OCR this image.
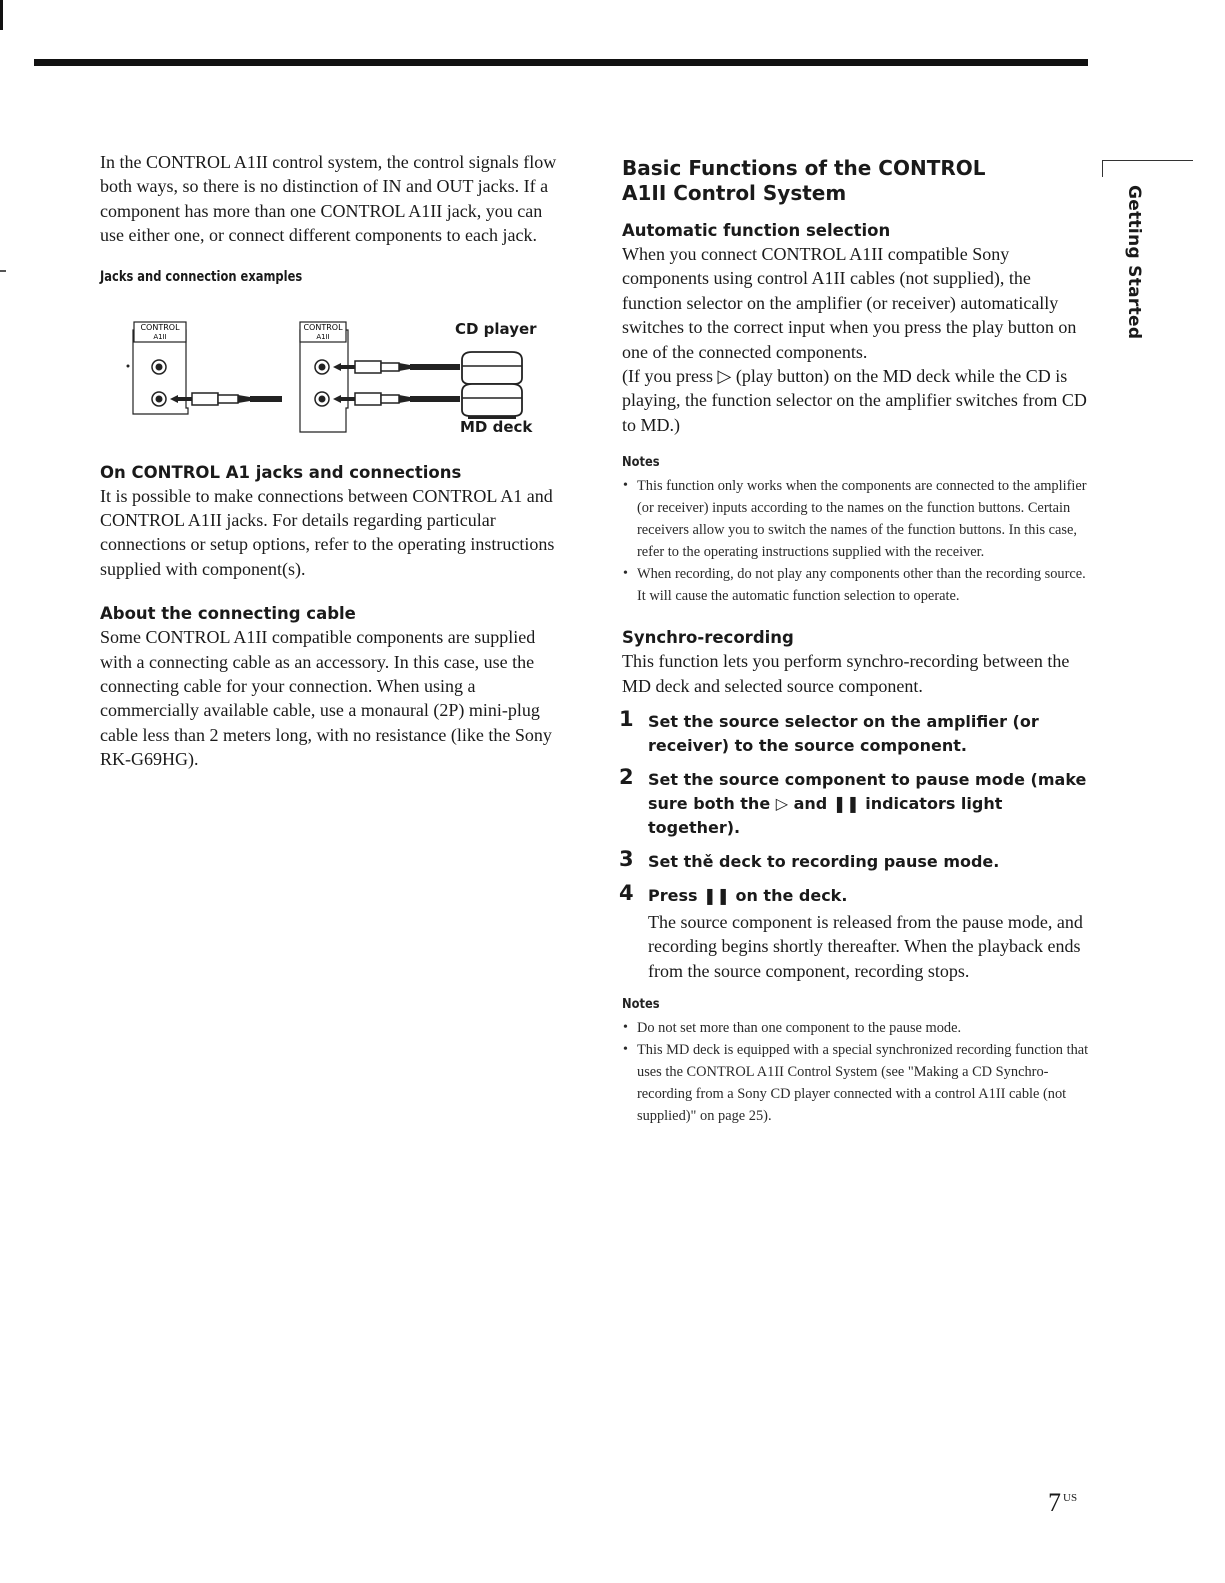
In the CONTROL A1II control system, the control signals flow both ways, so there is no distinction of IN and OUT jacks. If a component has more than one CONTROL A1II jack, you can use either one, or connect different components to each jack.

Jacks and connection examples
CONTROL
A1II
CONTROL
A1II	CD player
MD deck
On CONTROL A1 jacks and connections

It is possible to make connections between CONTROL A1 and CONTROL A1II jacks. For details regarding particular connections or setup options, refer to the operating instructions supplied with component(s).

About the connecting cable

Some CONTROL A1II compatible components are supplied with a connecting cable as an accessory. In this case, use the connecting cable for your connection. When using a commercially available cable, use a monaural (2P) mini-plug cable less than 2 meters long, with no resistance (like the Sony RK-G69HG).

Basic Functions of the CONTROL A1II Control System
Automatic function selection

When you connect CONTROL A1II compatible Sony components using control A1II cables (not supplied), the function selector on the amplifier (or receiver) automatically switches to the correct input when you press the play button on one of the connected components.

(If you press ▷ (play button) on the MD deck while the CD is playing, the function selector on the amplifier switches from CD to MD.)

Notes
• This function only works when the components are connected to the amplifier (or receiver) inputs according to the names on the function buttons. Certain receivers allow you to switch the names of the function buttons. In this case, refer to the operating instructions supplied with the receiver.
• When recording, do not play any components other than the recording source. It will cause the automatic function selection to operate.
Synchro-recording

This function lets you perform synchro-recording between the MD deck and selected source component.

1 Set the source selector on the amplifier (or receiver) to the source component.
2 Set the source component to pause mode (make sure both the ▷ and ❚❚ indicators light together).
3 Set thě deck to recording pause mode.
4 Press ❚❚ on the deck.

The source component is released from the pause mode, and recording begins shortly thereafter. When the playback ends from the source component, recording stops.

Notes
• Do not set more than one component to the pause mode.
• This MD deck is equipped with a special synchronized recording function that uses the CONTROL A1II Control System (see "Making a CD Synchro-recording from a Sony CD player connected with a control A1II cable (not supplied)" on page 25).
Getting Started
7 $^{US}$
